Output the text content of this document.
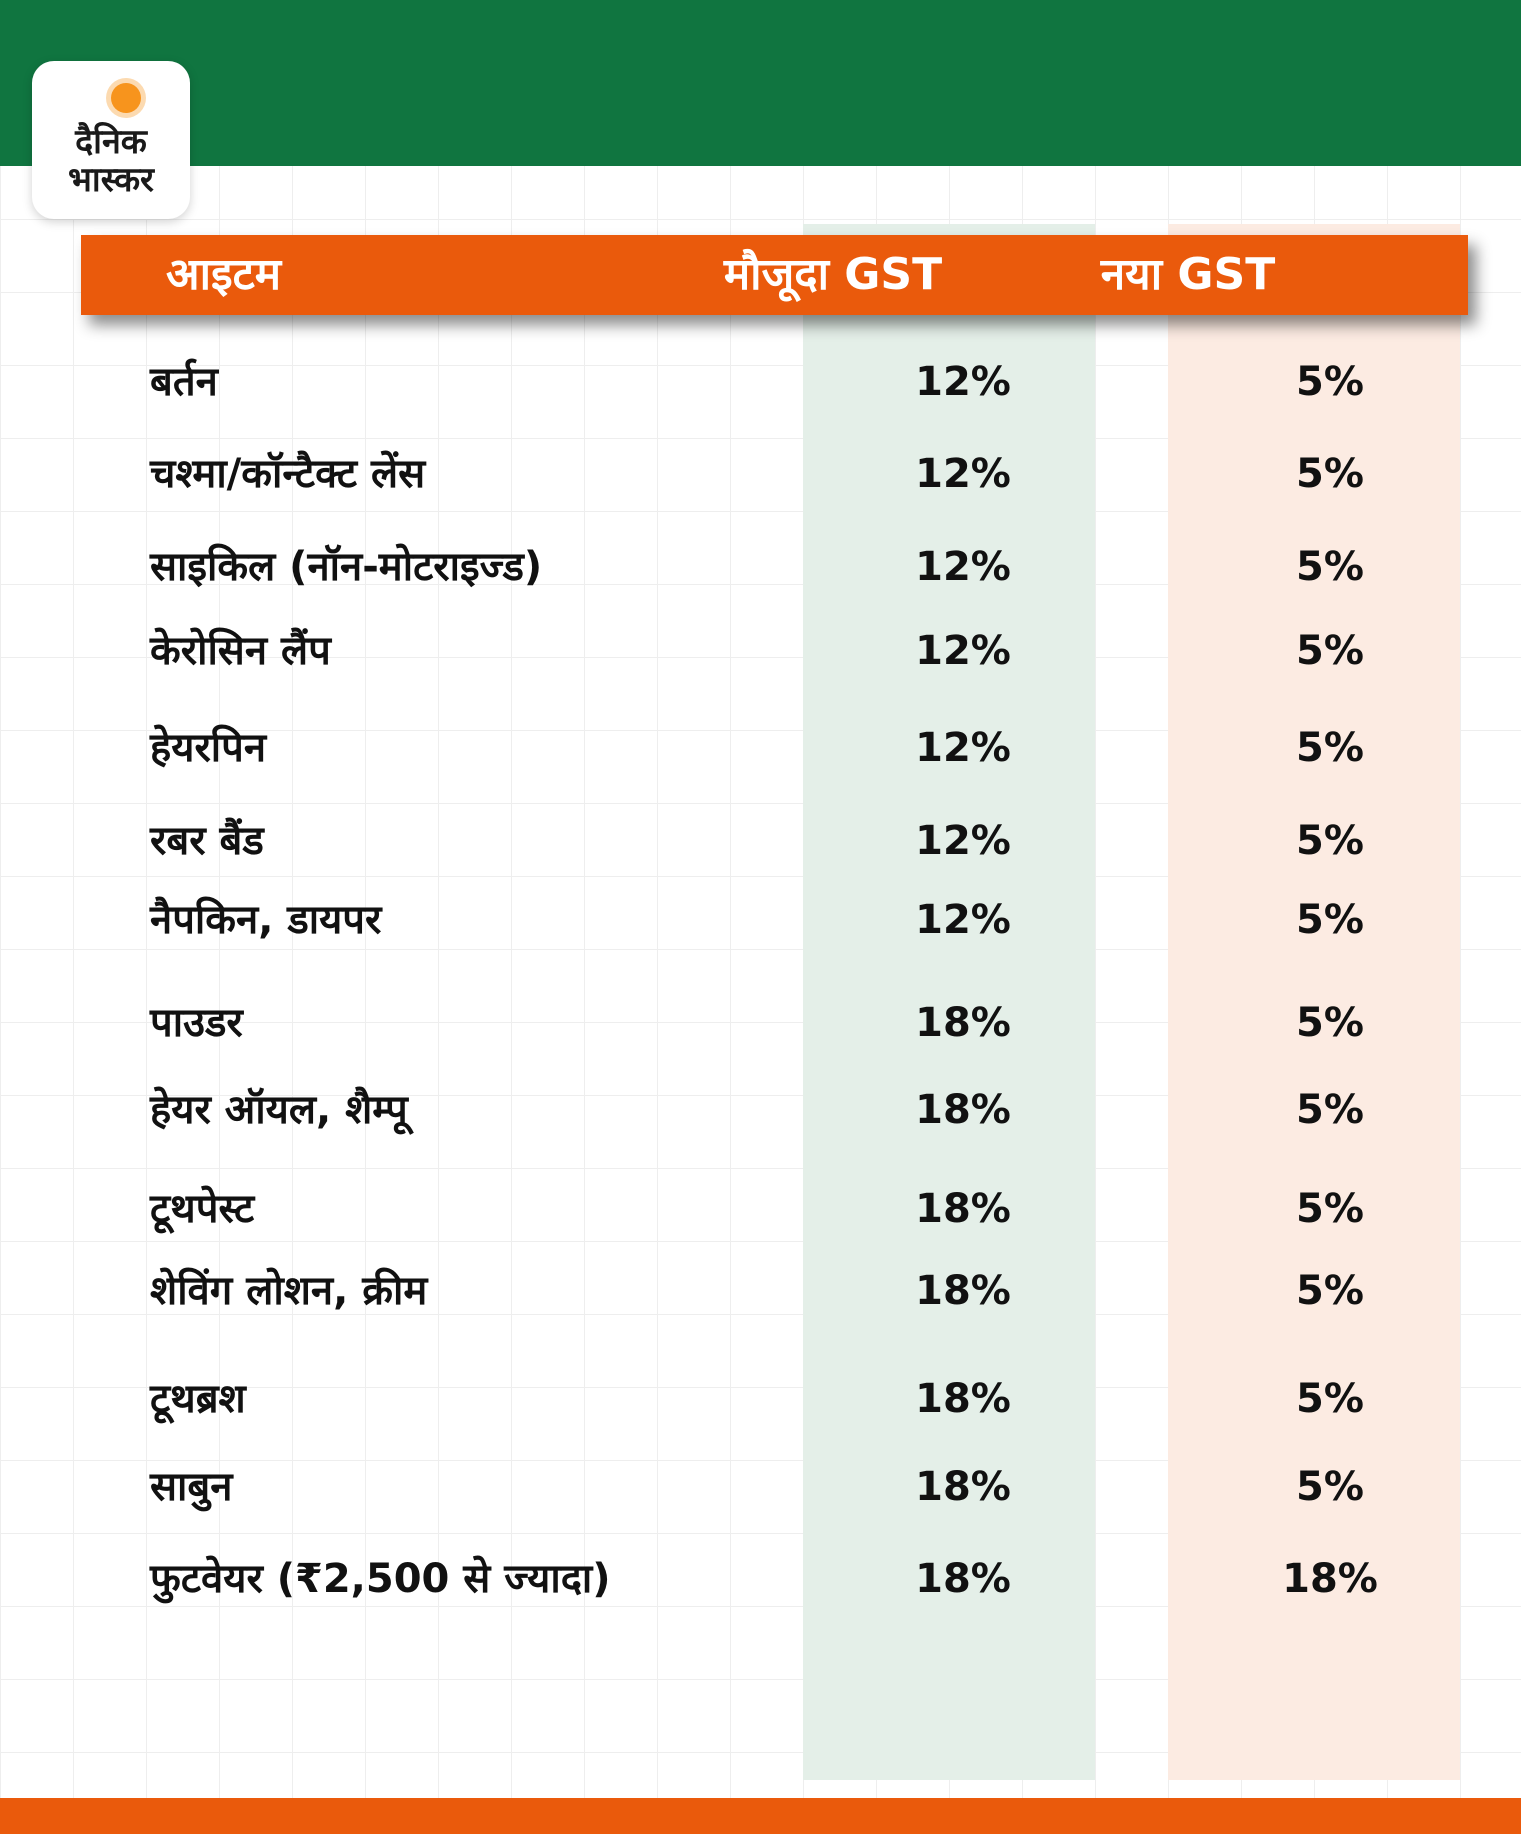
दैनिक
भास्कर
आइटम	मौजूदा GST	नया GST
बर्तन	12%	5%
चश्मा/कॉन्टैक्ट लेंस	12%	5%
साइकिल (नॉन-मोटराइज्ड)	12%	5%
केरोसिन लैंप	12%	5%
हेयरपिन	12%	5%
रबर बैंड	12%	5%
नैपकिन, डायपर	12%	5%
पाउडर	18%	5%
हेयर ऑयल, शैम्पू	18%	5%
टूथपेस्ट	18%	5%
शेविंग लोशन, क्रीम	18%	5%
टूथब्रश	18%	5%
साबुन	18%	5%
फुटवेयर (₹2,500 से ज्यादा)	18%	18%
